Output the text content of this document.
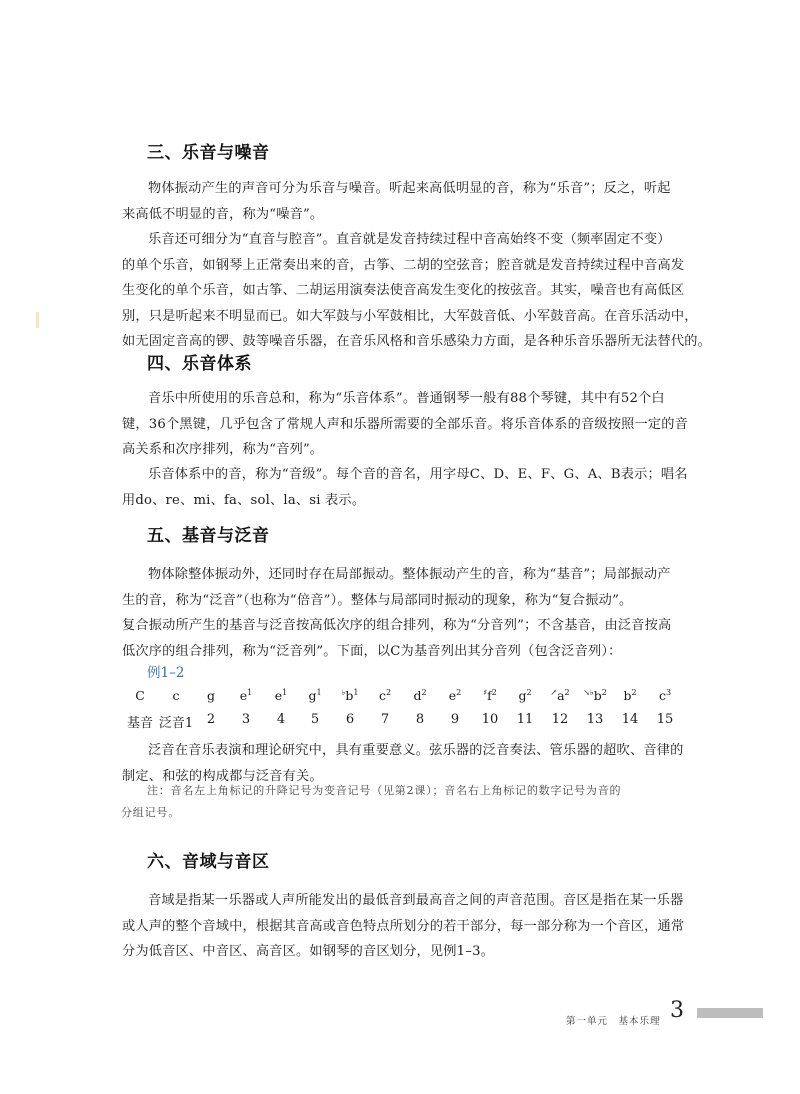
三、乐音与噪音

物体振动产生的声音可分为乐音与噪音。听起来高低明显的音，称为“乐音”；反之，听起
来高低不明显的音，称为“噪音”。

乐音还可细分为“直音与腔音”。直音就是发音持续过程中音高始终不变（频率固定不变）
的单个乐音，如钢琴上正常奏出来的音，古筝、二胡的空弦音；腔音就是发音持续过程中音高发
生变化的单个乐音，如古筝、二胡运用演奏法使音高发生变化的按弦音。其实，噪音也有高低区
别，只是听起来不明显而已。如大军鼓与小军鼓相比，大军鼓音低、小军鼓音高。在音乐活动中，
如无固定音高的锣、鼓等噪音乐器，在音乐风格和音乐感染力方面，是各种乐音乐器所无法替代的。

四、乐音体系

音乐中所使用的乐音总和，称为“乐音体系”。普通钢琴一般有88个琴键，其中有52个白
键，36个黑键，几乎包含了常规人声和乐器所需要的全部乐音。将乐音体系的音级按照一定的音
高关系和次序排列，称为“音列”。

乐音体系中的音，称为“音级”。每个音的音名，用字母C、D、E、F、G、A、B表示；唱名
用do、re、mi、fa、sol、la、si 表示。

五、基音与泛音

物体除整体振动外，还同时存在局部振动。整体振动产生的音，称为“基音”；局部振动产
生的音，称为“泛音”（也称为“倍音”）。整体与局部同时振动的现象，称为“复合振动”。
复合振动所产生的基音与泛音按高低次序的组合排列，称为“分音列”；不含基音，由泛音按高
低次序的组合排列，称为“泛音列”。下面，以C为基音列出其分音列（包含泛音列）：

例1–2
C	c	g	$e^1$	$e^1$	$g^1$	$^♭b^1$	$c^2$	$d^2$	$e^2$	$^♯f^2$	$g^2$	$^↗a^2$	$^{↘♭}b^2$	$b^2$	$c^3$
基音 泛音1	2	3	4	5	6	7	8	9	10	11	12	13	14	15

泛音在音乐表演和理论研究中，具有重要意义。弦乐器的泛音奏法、管乐器的超吹、音律的
制定、和弦的构成都与泛音有关。

注：音名左上角标记的升降记号为变音记号（见第2课）；音名右上角标记的数字记号为音的
分组记号。

六、音域与音区

音域是指某一乐器或人声所能发出的最低音到最高音之间的声音范围。音区是指在某一乐器
或人声的整个音域中，根据其音高或音色特点所划分的若干部分，每一部分称为一个音区，通常
分为低音区、中音区、高音区。如钢琴的音区划分，见例1–3。

第一单元　基本乐理 3
